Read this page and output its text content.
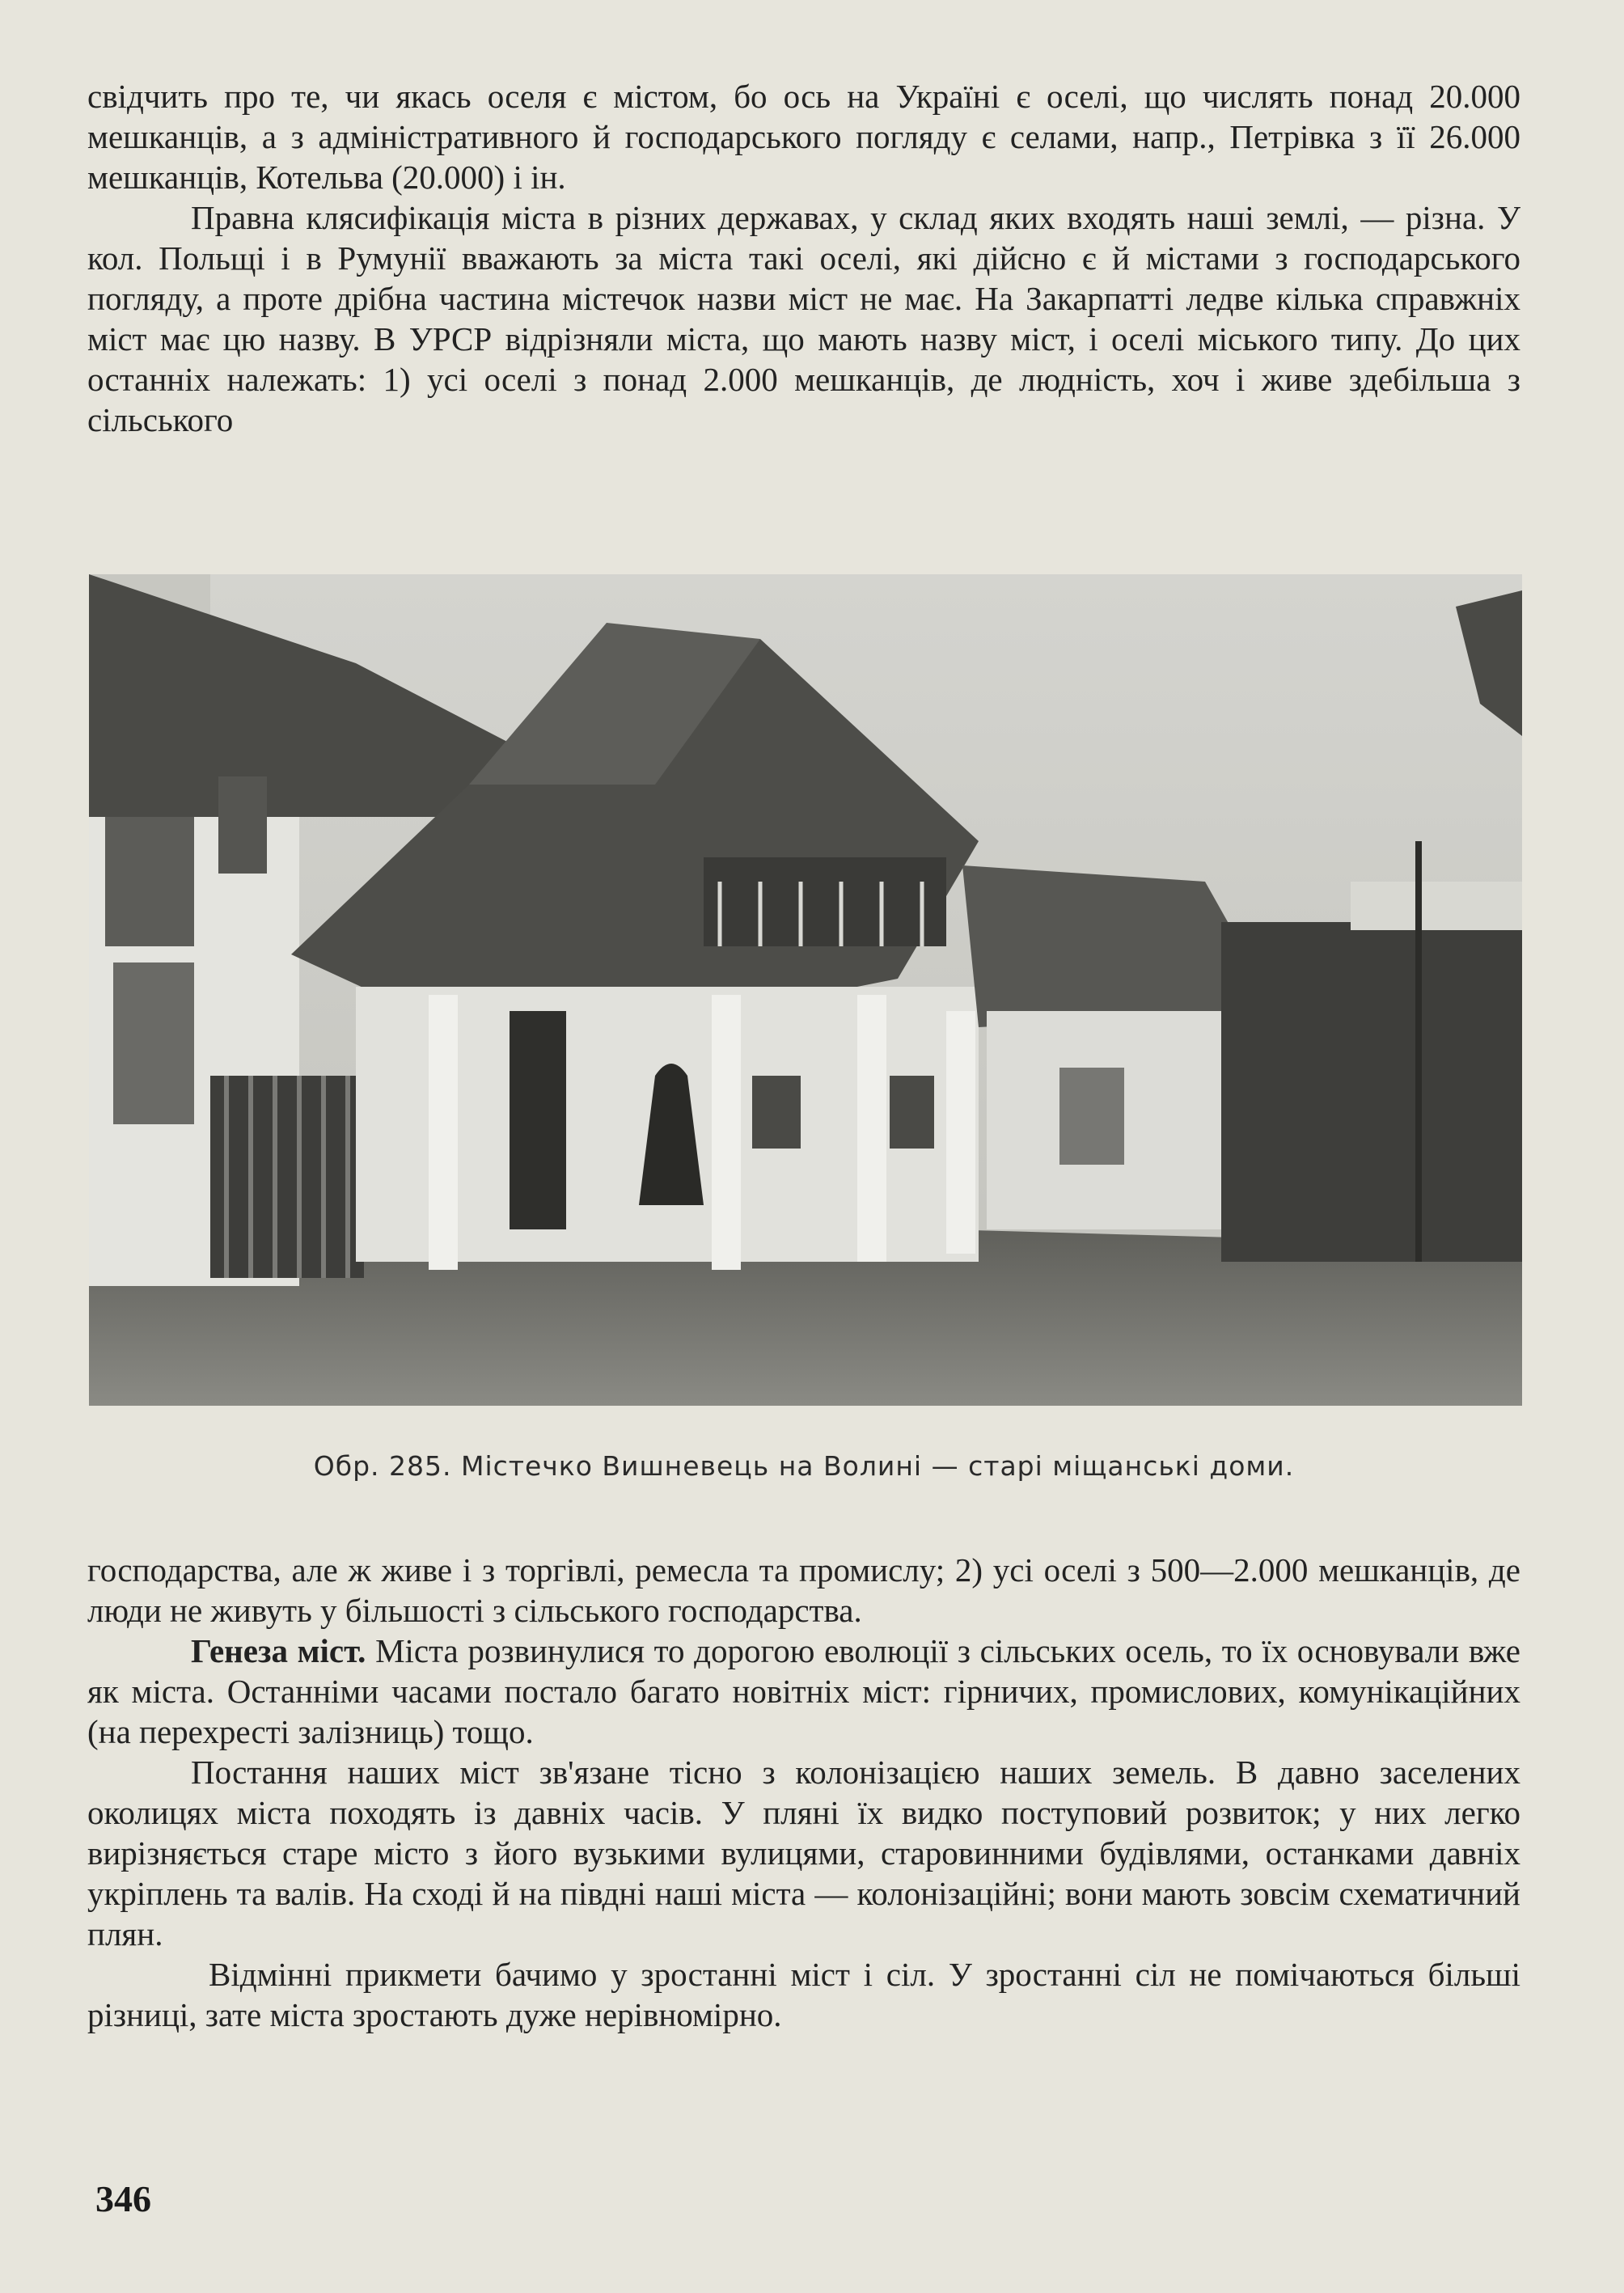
свідчить про те, чи якась оселя є містом, бо ось на Україні є оселі, що числять понад 20.000 мешканців, а з адміністративного й господарського погляду є селами, напр., Петрівка з її 26.000 мешканців, Котельва (20.000) і ін.

Правна клясифікація міста в різних державах, у склад яких входять наші землі, — різна. У кол. Польщі і в Румунії вважають за міста такі оселі, які дійсно є й містами з господарського погляду, а проте дрібна частина містечок назви міст не має. На Закарпатті ледве кілька справжніх міст має цю назву. В УРСР відрізняли міста, що мають назву міст, і оселі міського типу. До цих останніх належать: 1) усі оселі з понад 2.000 мешканців, де людність, хоч і живе здебільша з сільського

Обр. 285. Містечко Вишневець на Волині — старі міщанські доми.

господарства, але ж живе і з торгівлі, ремесла та промислу; 2) усі оселі з 500—2.000 мешканців, де люди не живуть у більшості з сільського господарства.

Генеза міст. Міста розвинулися то дорогою еволюції з сільських осель, то їх основували вже як міста. Останніми часами постало багато новітніх міст: гірничих, промислових, комунікаційних (на перехресті залізниць) тощо.

Постання наших міст зв'язане тісно з колонізацією наших земель. В давно заселених околицях міста походять із давніх часів. У пляні їх видко поступовий розвиток; у них легко вирізняється старе місто з його вузькими вулицями, старовинними будівлями, останками давніх укріплень та валів. На сході й на півдні наші міста — колонізаційні; вони мають зовсім схематичний плян.

Відмінні прикмети бачимо у зростанні міст і сіл. У зростанні сіл не помічаються більші різниці, зате міста зростають дуже нерівномірно.

346
